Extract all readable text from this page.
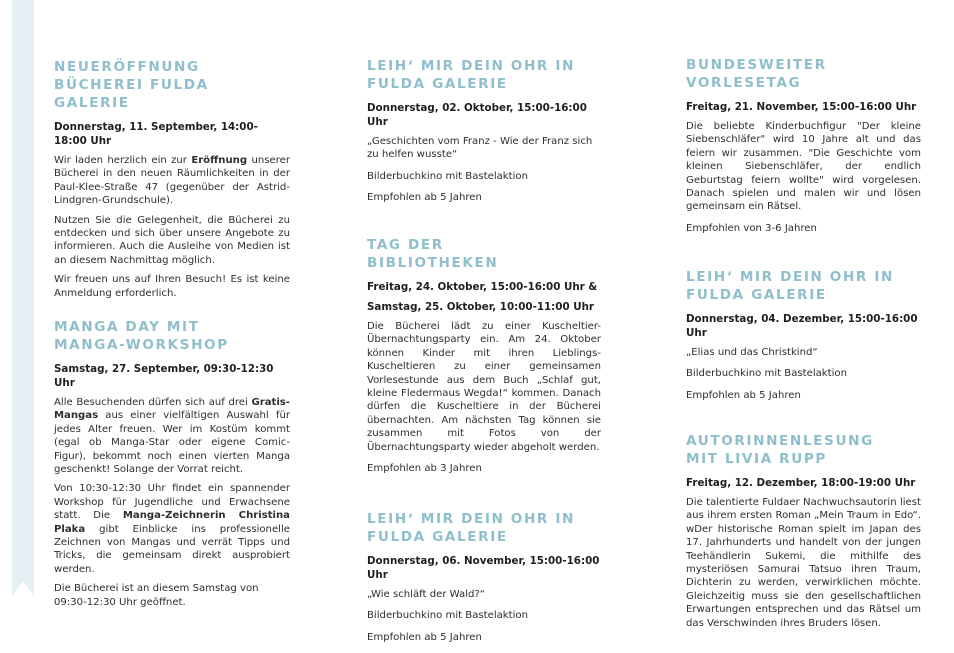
NEUERÖFFNUNG
BÜCHEREI FULDA GALERIE

Donnerstag, 11. September, 14:00-18:00 Uhr

Wir laden herzlich ein zur Eröffnung unserer Bücherei in den neuen Räumlichkeiten in der Paul-Klee-Straße 47 (gegenüber der Astrid-Lindgren-Grundschule).

Nutzen Sie die Gelegenheit, die Bücherei zu entdecken und sich über unsere Angebote zu informieren. Auch die Ausleihe von Medien ist an diesem Nachmittag möglich.

Wir freuen uns auf Ihren Besuch! Es ist keine Anmeldung erforderlich.

MANGA DAY MIT
MANGA-WORKSHOP

Samstag, 27. September, 09:30-12:30 Uhr

Alle Besuchenden dürfen sich auf drei Gratis-Mangas aus einer vielfältigen Auswahl für jedes Alter freuen. Wer im Kostüm kommt (egal ob Manga-Star oder eigene Comic-Figur), bekommt noch einen vierten Manga geschenkt! Solange der Vorrat reicht.

Von 10:30-12:30 Uhr findet ein spannender Workshop für Jugendliche und Erwachsene statt. Die Manga-Zeichnerin Christina Plaka gibt Einblicke ins professionelle Zeichnen von Mangas und verrät Tipps und Tricks, die gemeinsam direkt ausprobiert werden.

Die Bücherei ist an diesem Samstag von 09:30-12:30 Uhr geöffnet.

LEIHʻ MIR DEIN OHR IN
FULDA GALERIE

Donnerstag, 02. Oktober, 15:00-16:00 Uhr

„Geschichten vom Franz - Wie der Franz sich zu helfen wusste“

Bilderbuchkino mit Bastelaktion

Empfohlen ab 5 Jahren

TAG DER
BIBLIOTHEKEN

Freitag, 24. Oktober, 15:00-16:00 Uhr &

Samstag, 25. Oktober, 10:00-11:00 Uhr

Die Bücherei lädt zu einer Kuscheltier-Übernachtungsparty ein. Am 24. Oktober können Kinder mit ihren Lieblings-Kuscheltieren zu einer gemeinsamen Vorlesestunde aus dem Buch „Schlaf gut, kleine Fledermaus Wegda!“ kommen. Danach dürfen die Kuscheltiere in der Bücherei übernachten. Am nächsten Tag können sie zusammen mit Fotos von der Übernachtungsparty wieder abgeholt werden.

Empfohlen ab 3 Jahren

LEIHʻ MIR DEIN OHR IN
FULDA GALERIE

Donnerstag, 06. November, 15:00-16:00 Uhr

„Wie schläft der Wald?“

Bilderbuchkino mit Bastelaktion

Empfohlen ab 5 Jahren

BUNDESWEITER
VORLESETAG

Freitag, 21. November, 15:00-16:00 Uhr

Die beliebte Kinderbuchfigur "Der kleine Siebenschläfer" wird 10 Jahre alt und das feiern wir zusammen. "Die Geschichte vom kleinen Siebenschläfer, der endlich Geburtstag feiern wollte" wird vorgelesen. Danach spielen und malen wir und lösen gemeinsam ein Rätsel.

Empfohlen von 3-6 Jahren

LEIHʻ MIR DEIN OHR IN
FULDA GALERIE

Donnerstag, 04. Dezember, 15:00-16:00 Uhr

„Elias und das Christkind“

Bilderbuchkino mit Bastelaktion

Empfohlen ab 5 Jahren

AUTORINNENLESUNG
MIT LIVIA RUPP

Freitag, 12. Dezember, 18:00-19:00 Uhr

Die talentierte Fuldaer Nachwuchsautorin liest aus ihrem ersten Roman „Mein Traum in Edo“. wDer historische Roman spielt im Japan des 17. Jahrhunderts und handelt von der jungen Teehändlerin Sukemi, die mithilfe des mysteriösen Samurai Tatsuo ihren Traum, Dichterin zu werden, verwirklichen möchte. Gleichzeitig muss sie den gesellschaftlichen Erwartungen entsprechen und das Rätsel um das Verschwinden ihres Bruders lösen.
